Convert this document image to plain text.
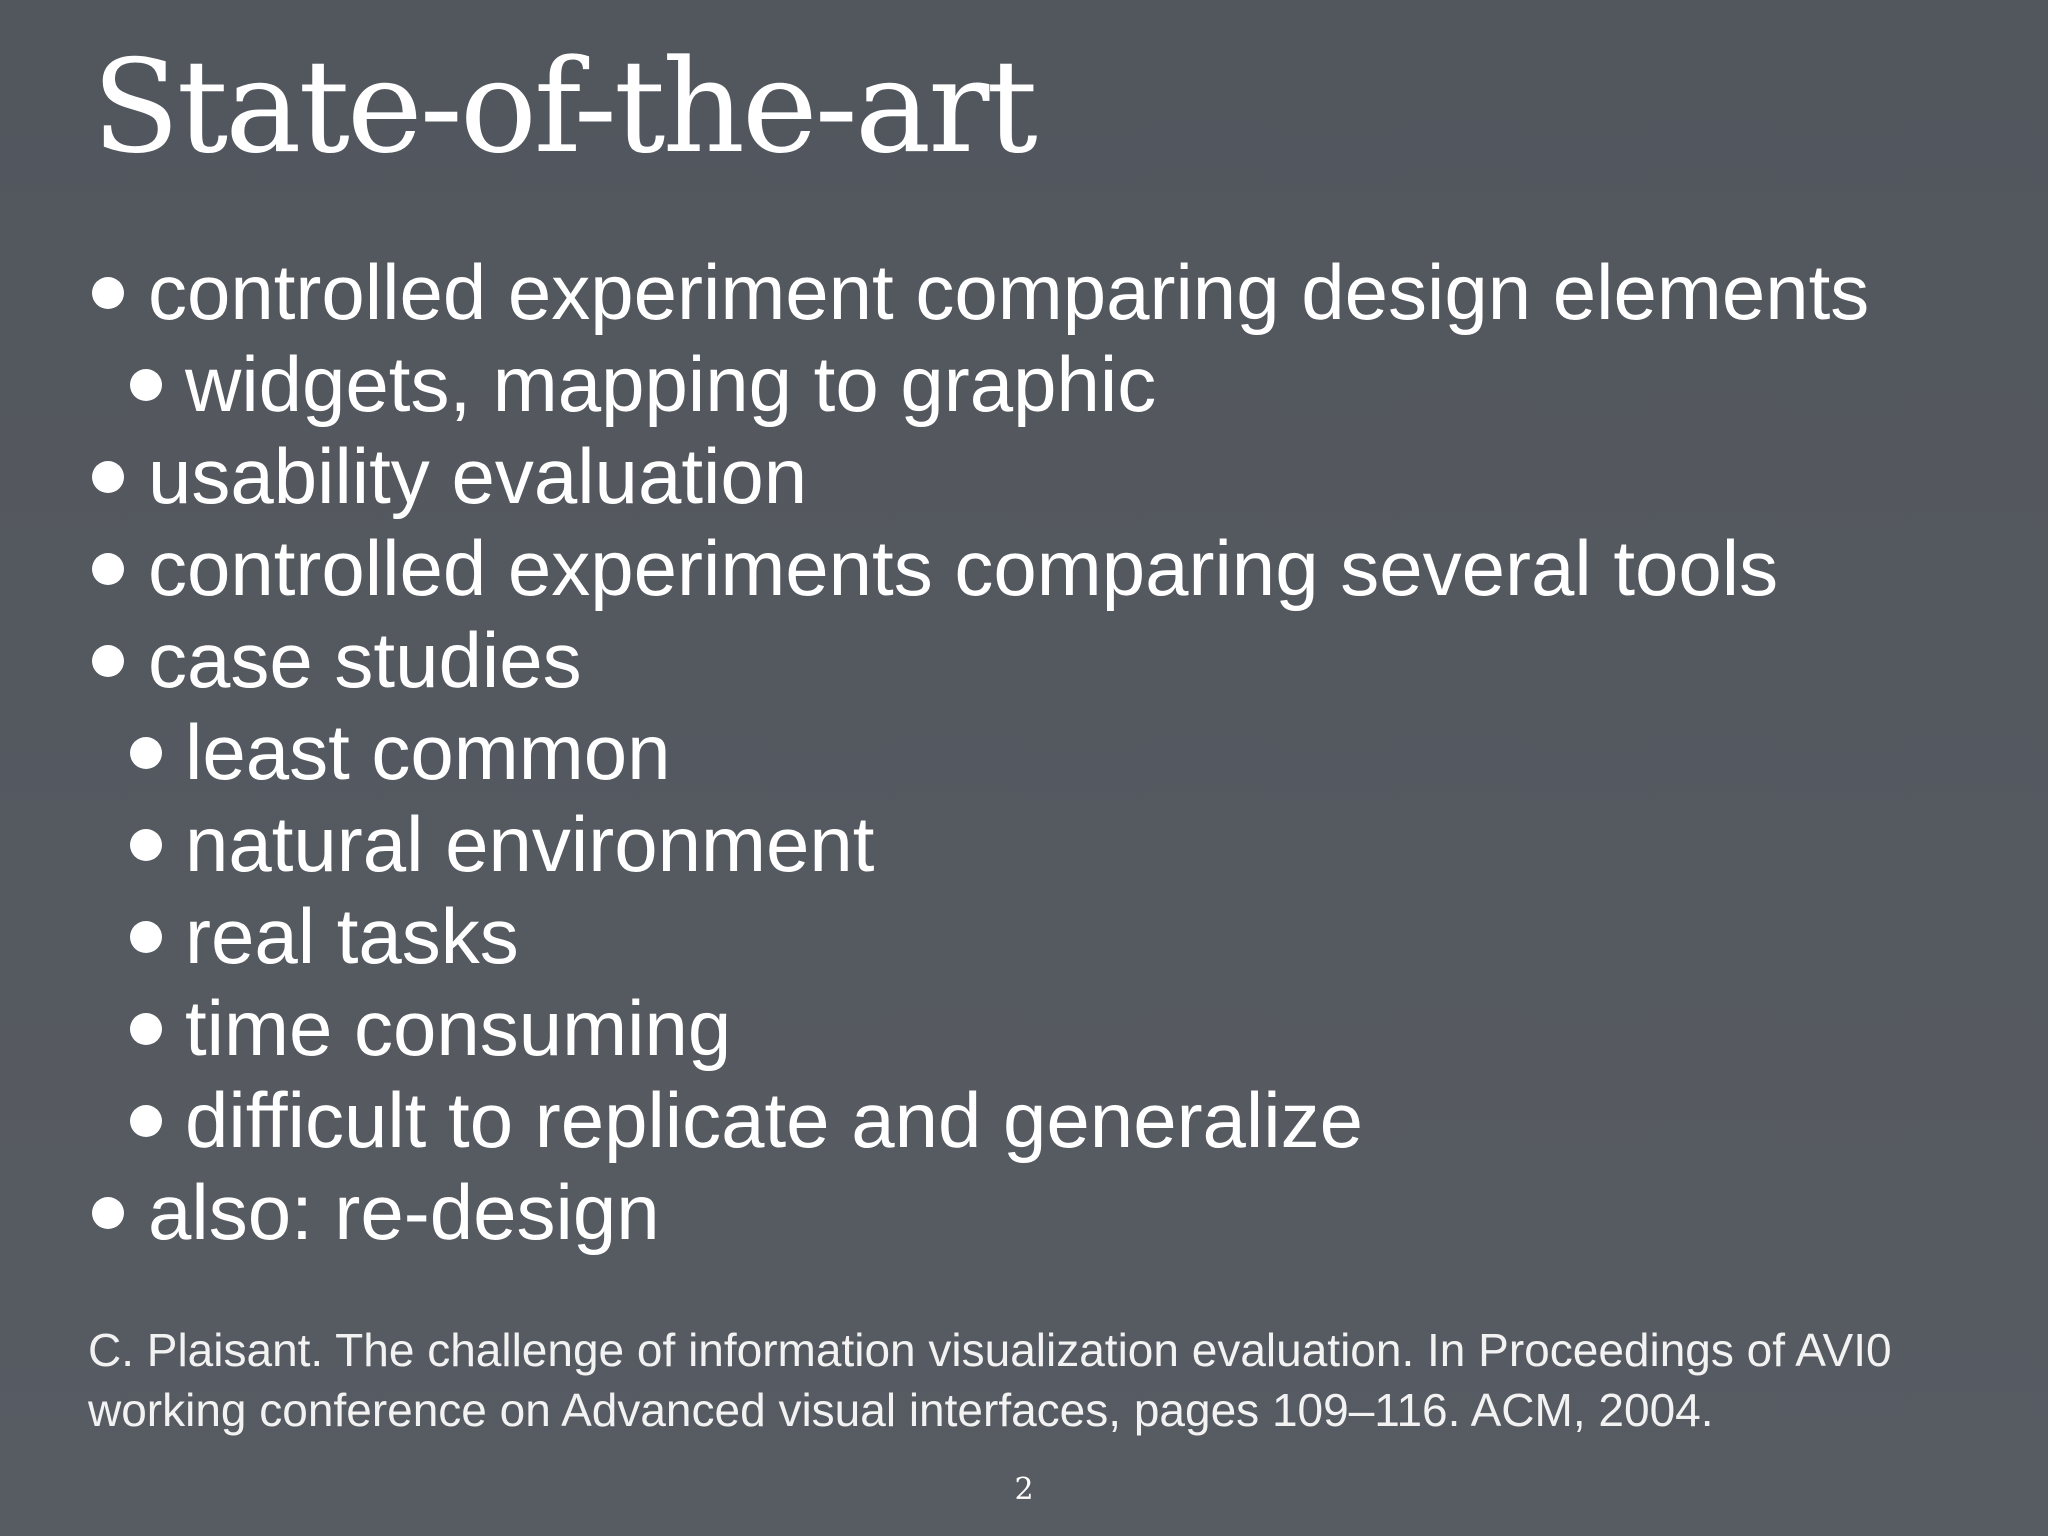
State-of-the-art
controlled experiment comparing design elements
widgets, mapping to graphic
usability evaluation
controlled experiments comparing several tools
case studies
least common
natural environment
real tasks
time consuming
difficult to replicate and generalize
also: re-design

C. Plaisant. The challenge of information visualization evaluation. In Proceedings of AVI0
working conference on Advanced visual interfaces, pages 109–116. ACM, 2004.

2
